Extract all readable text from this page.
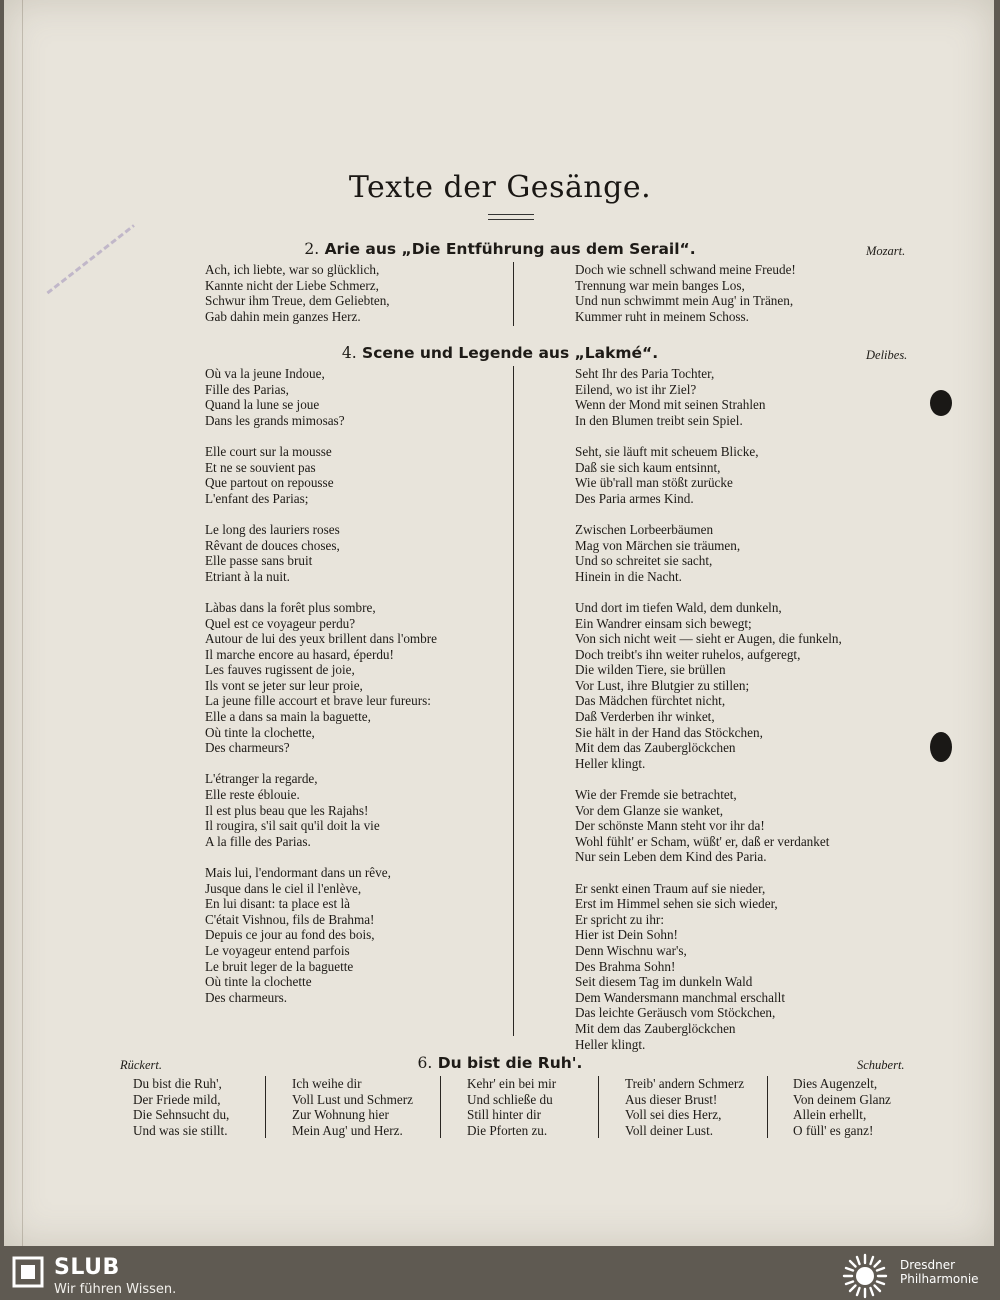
Texte der Gesänge.
2. Arie aus „Die Entführung aus dem Serail“.	Mozart.
Ach, ich liebte, war so glücklich,
Kannte nicht der Liebe Schmerz,
Schwur ihm Treue, dem Geliebten,
Gab dahin mein ganzes Herz.
Doch wie schnell schwand meine Freude!
Trennung war mein banges Los,
Und nun schwimmt mein Aug' in Tränen,
Kummer ruht in meinem Schoss.
4. Scene und Legende aus „Lakmé“.	Delibes.
Où va la jeune Indoue,
Fille des Parias,
Quand la lune se joue
Dans les grands mimosas?
Elle court sur la mousse
Et ne se souvient pas
Que partout on repousse
L'enfant des Parias;
Le long des lauriers roses
Rêvant de douces choses,
Elle passe sans bruit
Etriant à la nuit.
Làbas dans la forêt plus sombre,
Quel est ce voyageur perdu?
Autour de lui des yeux brillent dans l'ombre
Il marche encore au hasard, éperdu!
Les fauves rugissent de joie,
Ils vont se jeter sur leur proie,
La jeune fille accourt et brave leur fureurs:
Elle a dans sa main la baguette,
Où tinte la clochette,
Des charmeurs?
L'étranger la regarde,
Elle reste éblouie.
Il est plus beau que les Rajahs!
Il rougira, s'il sait qu'il doit la vie
A la fille des Parias.
Mais lui, l'endormant dans un rêve,
Jusque dans le ciel il l'enlève,
En lui disant: ta place est là
C'était Vishnou, fils de Brahma!
Depuis ce jour au fond des bois,
Le voyageur entend parfois
Le bruit leger de la baguette
Où tinte la clochette
Des charmeurs.
Seht Ihr des Paria Tochter,
Eilend, wo ist ihr Ziel?
Wenn der Mond mit seinen Strahlen
In den Blumen treibt sein Spiel.
Seht, sie läuft mit scheuem Blicke,
Daß sie sich kaum entsinnt,
Wie üb'rall man stößt zurücke
Des Paria armes Kind.
Zwischen Lorbeerbäumen
Mag von Märchen sie träumen,
Und so schreitet sie sacht,
Hinein in die Nacht.
Und dort im tiefen Wald, dem dunkeln,
Ein Wandrer einsam sich bewegt;
Von sich nicht weit — sieht er Augen, die funkeln,
Doch treibt's ihn weiter ruhelos, aufgeregt,
Die wilden Tiere, sie brüllen
Vor Lust, ihre Blutgier zu stillen;
Das Mädchen fürchtet nicht,
Daß Verderben ihr winket,
Sie hält in der Hand das Stöckchen,
Mit dem das Zauberglöckchen
Heller klingt.
Wie der Fremde sie betrachtet,
Vor dem Glanze sie wanket,
Der schönste Mann steht vor ihr da!
Wohl fühlt' er Scham, wüßt' er, daß er verdanket
Nur sein Leben dem Kind des Paria.
Er senkt einen Traum auf sie nieder,
Erst im Himmel sehen sie sich wieder,
Er spricht zu ihr:
Hier ist Dein Sohn!
Denn Wischnu war's,
Des Brahma Sohn!
Seit diesem Tag im dunkeln Wald
Dem Wandersmann manchmal erschallt
Das leichte Geräusch vom Stöckchen,
Mit dem das Zauberglöckchen
Heller klingt.
Rückert.	6. Du bist die Ruh'.	Schubert.
Du bist die Ruh',
Der Friede mild,
Die Sehnsucht du,
Und was sie stillt.
Ich weihe dir
Voll Lust und Schmerz
Zur Wohnung hier
Mein Aug' und Herz.
Kehr' ein bei mir
Und schließe du
Still hinter dir
Die Pforten zu.
Treib' andern Schmerz
Aus dieser Brust!
Voll sei dies Herz,
Voll deiner Lust.
Dies Augenzelt,
Von deinem Glanz
Allein erhellt,
O füll' es ganz!
SLUB
Wir führen Wissen.
Dresdner
Philharmonie
